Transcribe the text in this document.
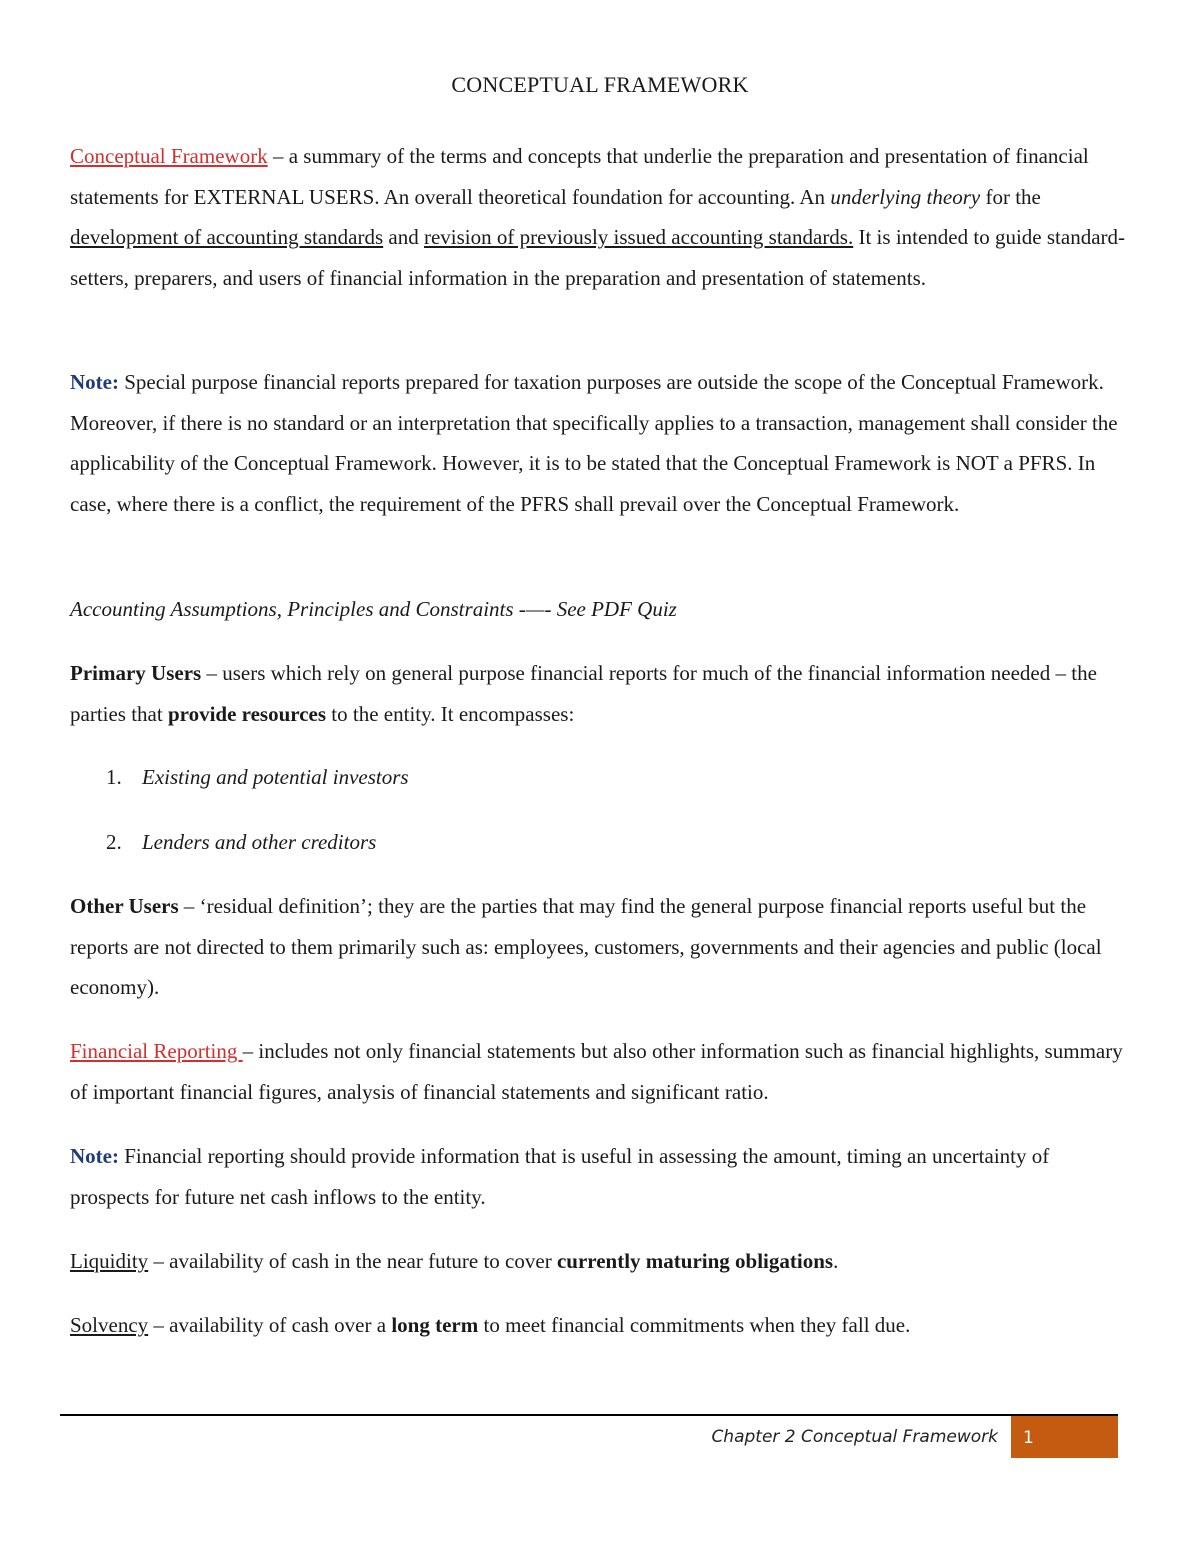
CONCEPTUAL FRAMEWORK

Conceptual Framework – a summary of the terms and concepts that underlie the preparation and presentation of financial statements for EXTERNAL USERS. An overall theoretical foundation for accounting. An underlying theory for the development of accounting standards and revision of previously issued accounting standards. It is intended to guide standard-setters, preparers, and users of financial information in the preparation and presentation of statements.

Note: Special purpose financial reports prepared for taxation purposes are outside the scope of the Conceptual Framework. Moreover, if there is no standard or an interpretation that specifically applies to a transaction, management shall consider the applicability of the Conceptual Framework. However, it is to be stated that the Conceptual Framework is NOT a PFRS. In case, where there is a conflict, the requirement of the PFRS shall prevail over the Conceptual Framework.

Accounting Assumptions, Principles and Constraints -—- See PDF Quiz

Primary Users – users which rely on general purpose financial reports for much of the financial information needed – the parties that provide resources to the entity. It encompasses:

1. Existing and potential investors
2. Lenders and other creditors

Other Users – ‘residual definition’; they are the parties that may find the general purpose financial reports useful but the reports are not directed to them primarily such as: employees, customers, governments and their agencies and public (local economy).

Financial Reporting – includes not only financial statements but also other information such as financial highlights, summary of important financial figures, analysis of financial statements and significant ratio.

Note: Financial reporting should provide information that is useful in assessing the amount, timing an uncertainty of prospects for future net cash inflows to the entity.

Liquidity – availability of cash in the near future to cover currently maturing obligations.

Solvency – availability of cash over a long term to meet financial commitments when they fall due.

Chapter 2 Conceptual Framework	1
